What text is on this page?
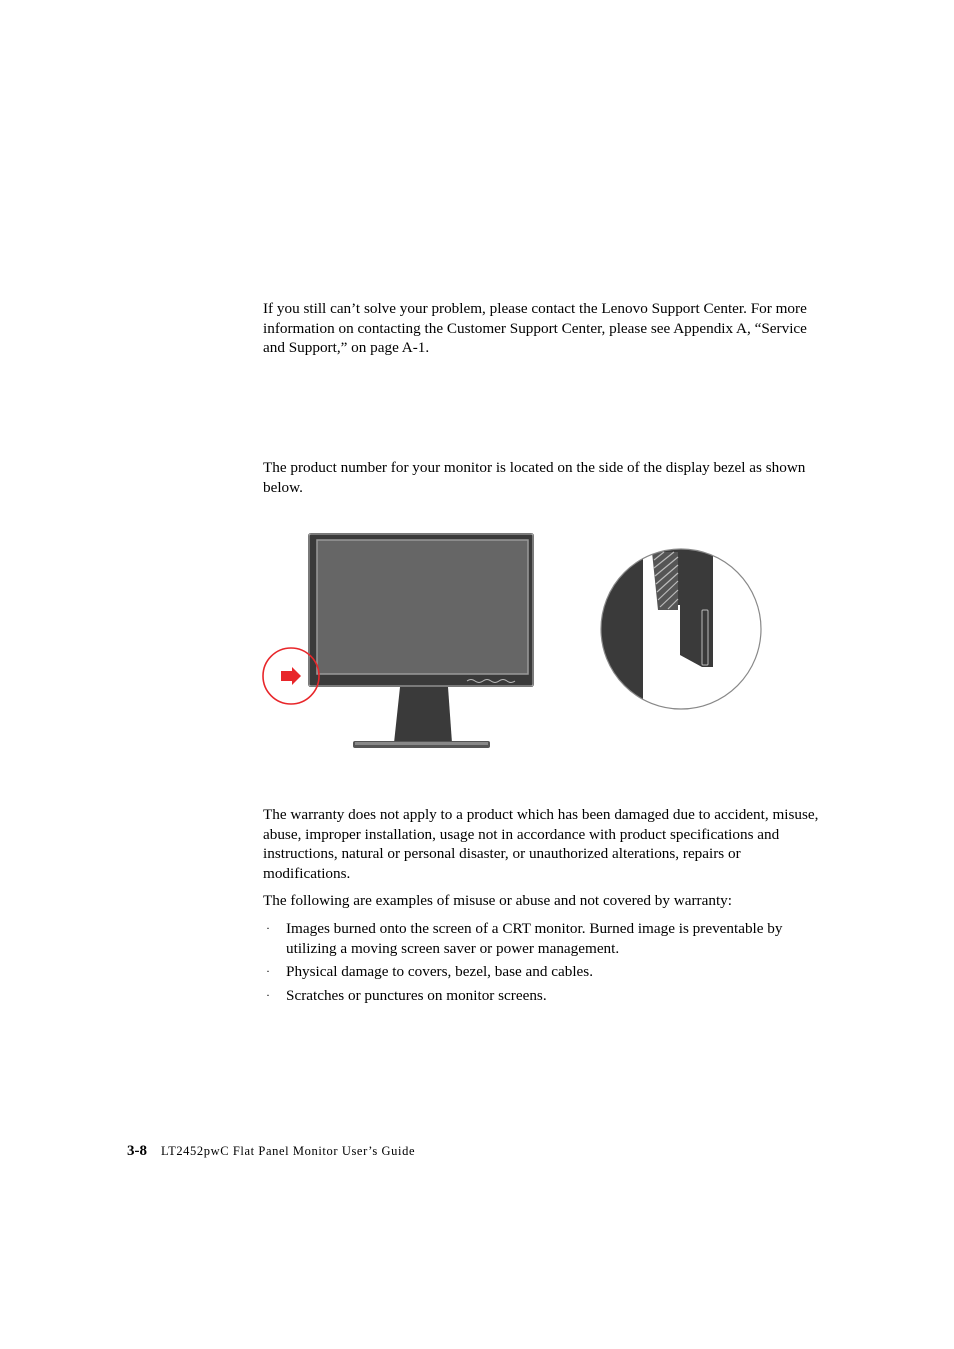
If you still can’t solve your problem, please contact the Lenovo Support Center. For more information on contacting the Customer Support Center, please see Appendix A, “Service and Support,” on page A-1.

The product number for your monitor is located on the side of the display bezel as shown below.

The warranty does not apply to a product which has been damaged due to accident, misuse, abuse, improper installation, usage not in accordance with product specifications and instructions, natural or personal disaster, or unauthorized alterations, repairs or modifications.

The following are examples of misuse or abuse and not covered by warranty:

· Images burned onto the screen of a CRT monitor. Burned image is preventable by utilizing a moving screen saver or power management.
· Physical damage to covers, bezel, base and cables.
· Scratches or punctures on monitor screens.
3-8 LT2452pwC Flat Panel Monitor User’s Guide
